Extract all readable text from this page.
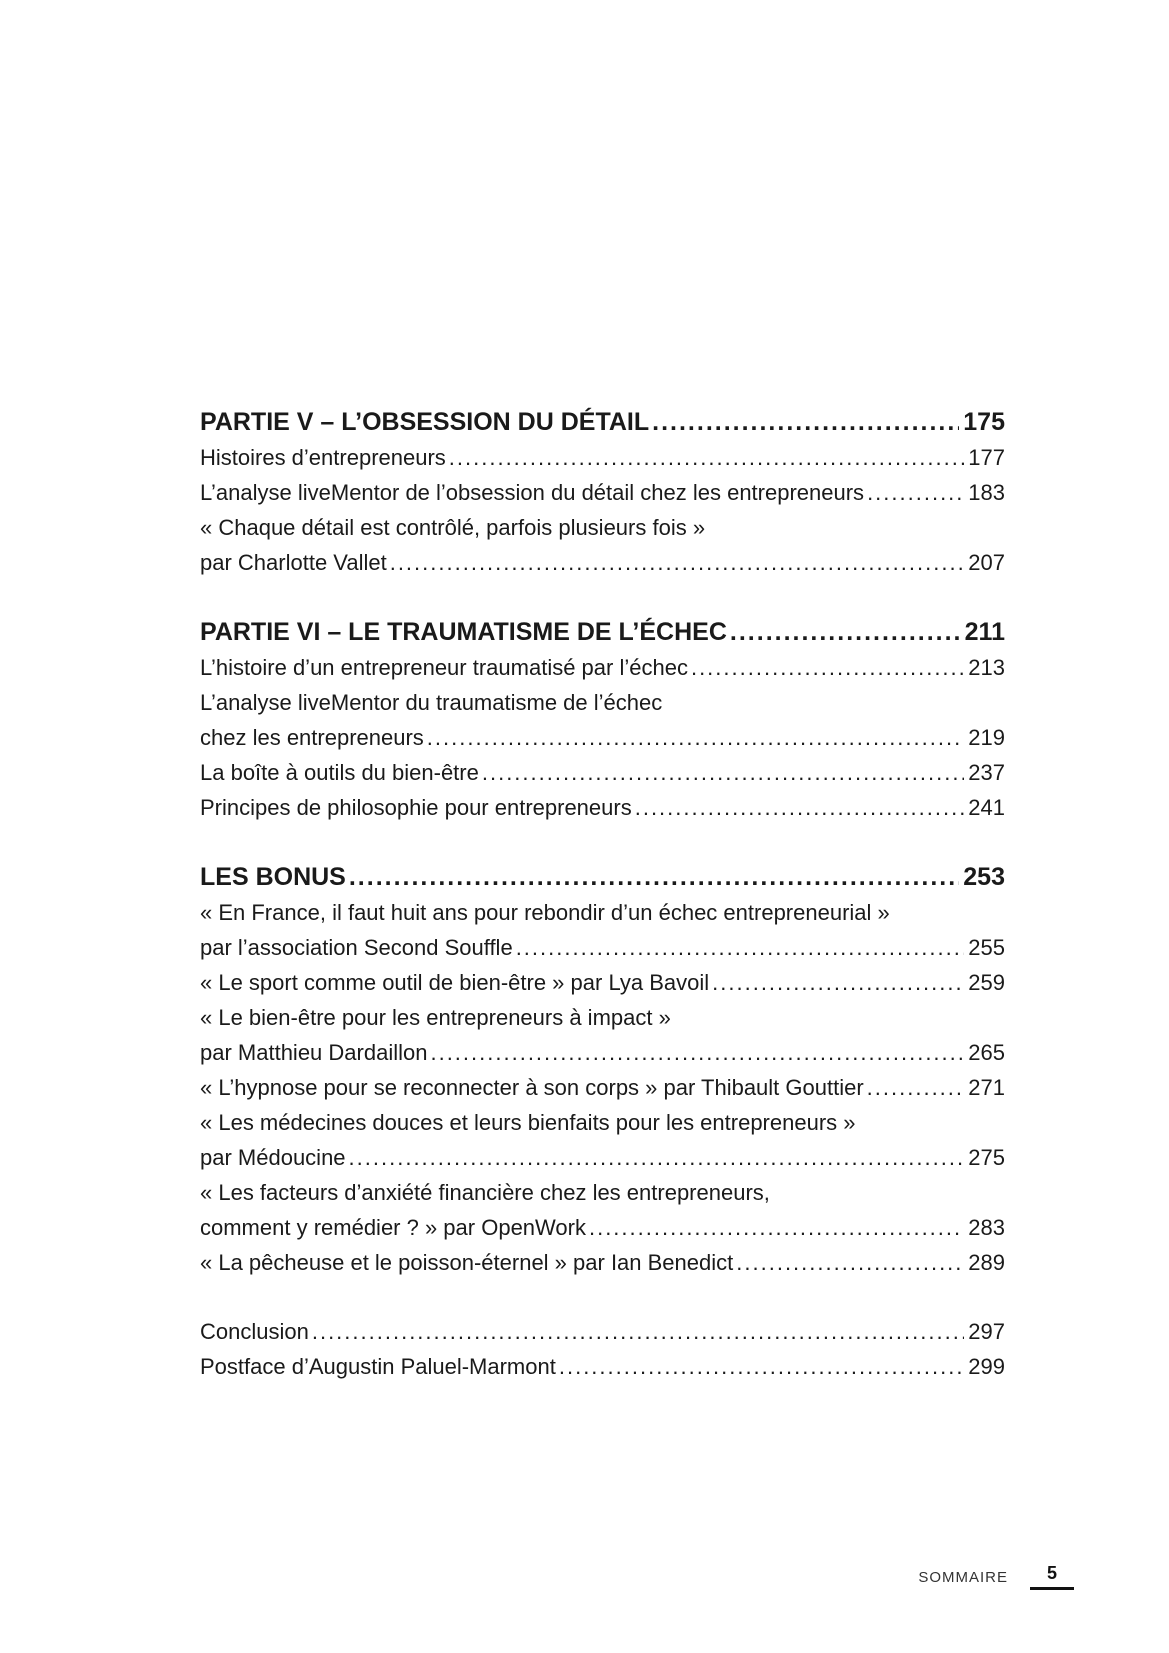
PARTIE V – L’OBSESSION DU DÉTAIL .....	175
Histoires d’entrepreneurs .....	177
L’analyse liveMentor de l’obsession du détail chez les entrepreneurs .....	183
« Chaque détail est contrôlé, parfois plusieurs fois »
par Charlotte Vallet .....	207
PARTIE VI – LE TRAUMATISME DE L’ÉCHEC .....	211
L’histoire d’un entrepreneur traumatisé par l’échec .....	213
L’analyse liveMentor du traumatisme de l’échec
chez les entrepreneurs .....	219
La boîte à outils du bien-être .....	237
Principes de philosophie pour entrepreneurs .....	241
LES BONUS .....	253
« En France, il faut huit ans pour rebondir d’un échec entrepreneurial »
par l’association Second Souffle .....	255
« Le sport comme outil de bien-être » par Lya Bavoil .....	259
« Le bien-être pour les entrepreneurs à impact »
par Matthieu Dardaillon .....	265
« L’hypnose pour se reconnecter à son corps » par Thibault Gouttier .....	271
« Les médecines douces et leurs bienfaits pour les entrepreneurs »
par Médoucine .....	275
« Les facteurs d’anxiété financière chez les entrepreneurs,
comment y remédier ? » par OpenWork .....	283
« La pêcheuse et le poisson-éternel » par Ian Benedict .....	289
Conclusion .....	297
Postface d’Augustin Paluel-Marmont .....	299
SOMMAIRE	5
